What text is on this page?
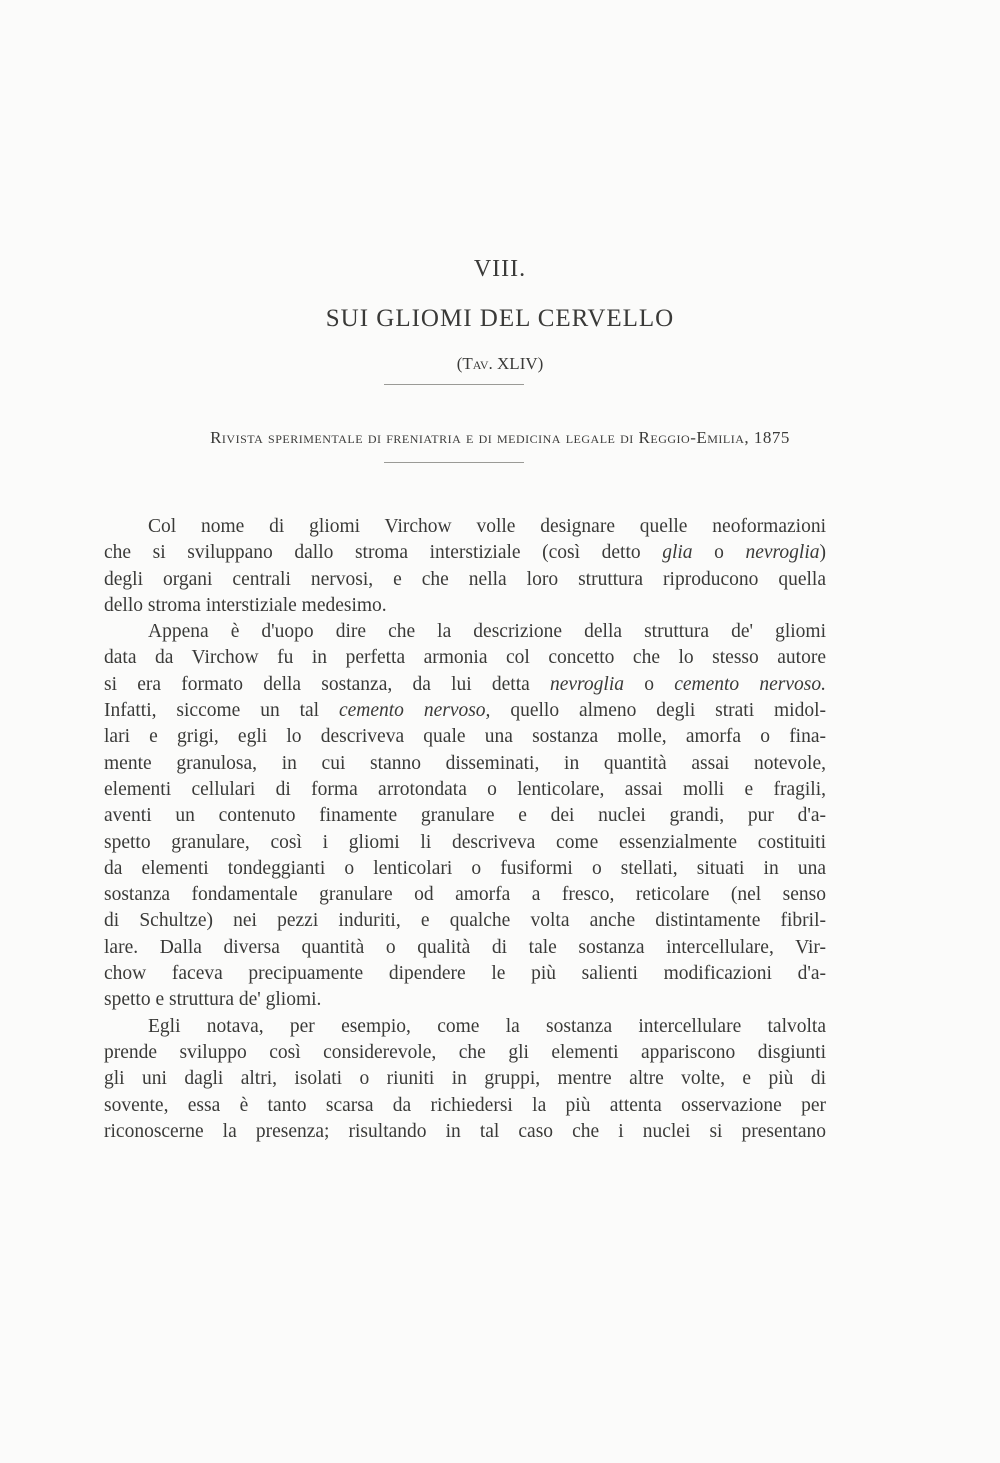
VIII.
SUI GLIOMI DEL CERVELLO
(Tav. XLIV)
Rivista sperimentale di freniatria e di medicina legale di Reggio-Emilia, 1875
Col nome di gliomi Virchow volle designare quelle neoformazioni
che si sviluppano dallo stroma interstiziale (così detto glia o nevroglia)
degli organi centrali nervosi, e che nella loro struttura riproducono quella
dello stroma interstiziale medesimo.
Appena è d'uopo dire che la descrizione della struttura de' gliomi
data da Virchow fu in perfetta armonia col concetto che lo stesso autore
si era formato della sostanza, da lui detta nevroglia o cemento nervoso.
Infatti, siccome un tal cemento nervoso, quello almeno degli strati midol-
lari e grigi, egli lo descriveva quale una sostanza molle, amorfa o fina-
mente granulosa, in cui stanno disseminati, in quantità assai notevole,
elementi cellulari di forma arrotondata o lenticolare, assai molli e fragili,
aventi un contenuto finamente granulare e dei nuclei grandi, pur d'a-
spetto granulare, così i gliomi li descriveva come essenzialmente costituiti
da elementi tondeggianti o lenticolari o fusiformi o stellati, situati in una
sostanza fondamentale granulare od amorfa a fresco, reticolare (nel senso
di Schultze) nei pezzi induriti, e qualche volta anche distintamente fibril-
lare. Dalla diversa quantità o qualità di tale sostanza intercellulare, Vir-
chow faceva precipuamente dipendere le più salienti modificazioni d'a-
spetto e struttura de' gliomi.
Egli notava, per esempio, come la sostanza intercellulare talvolta
prende sviluppo così considerevole, che gli elementi appariscono disgiunti
gli uni dagli altri, isolati o riuniti in gruppi, mentre altre volte, e più di
sovente, essa è tanto scarsa da richiedersi la più attenta osservazione per
riconoscerne la presenza; risultando in tal caso che i nuclei si presentano
